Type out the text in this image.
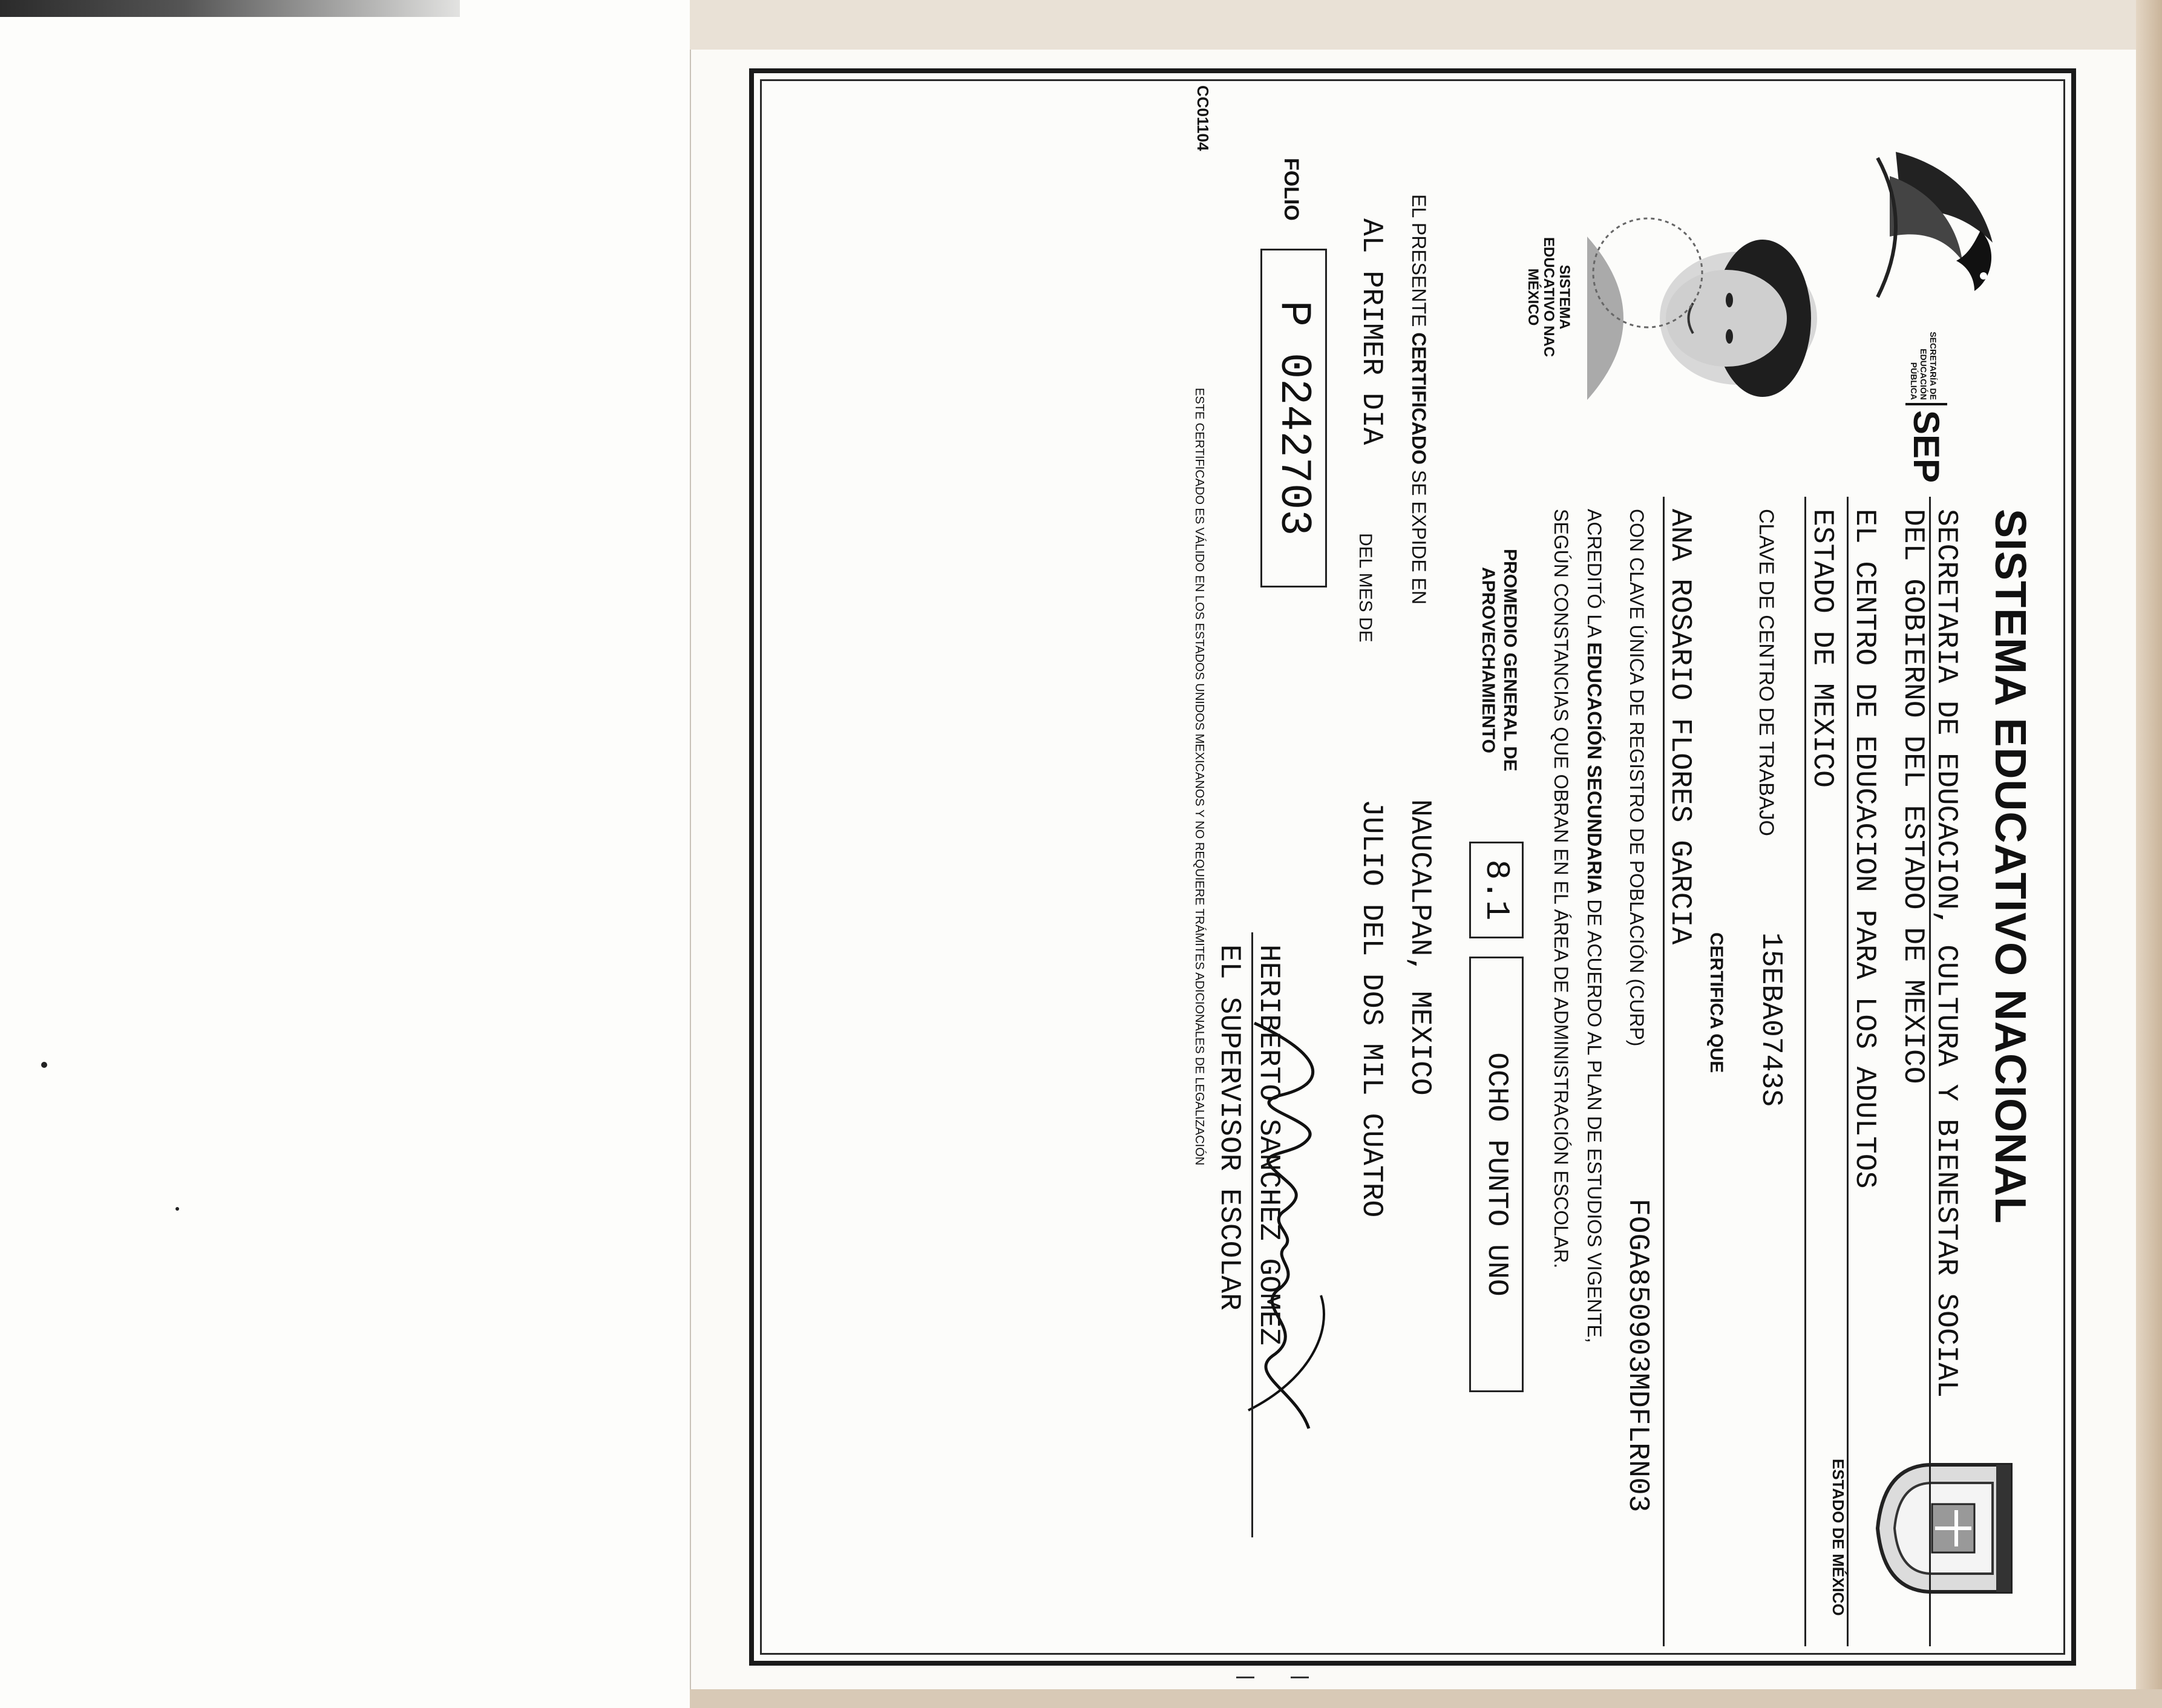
SECRETARÍA DE
EDUCACIÓN
PÚBLICA
SEP
SISTEMA EDUCATIVO NACIONAL
ESTADO DE MÉXICO
SECRETARIA DE EDUCACION, CULTURA Y BIENESTAR SOCIAL
DEL GOBIERNO DEL ESTADO DE MEXICO
EL CENTRO DE EDUCACION PARA LOS ADULTOS
ESTADO DE MEXICO
CLAVE DE CENTRO DE TRABAJO
15EBA0743S
CERTIFICA QUE
ANA ROSARIO FLORES GARCIA
CON CLAVE ÚNICA DE REGISTRO DE POBLACIÓN (CURP)
FOGA850903MDFLRN03
ACREDITÓ LA EDUCACIÓN SECUNDARIA DE ACUERDO AL PLAN DE ESTUDIOS VIGENTE,
SEGÚN CONSTANCIAS QUE OBRAN EN EL ÁREA DE ADMINISTRACIÓN ESCOLAR.
SISTEMA
EDUCATIVO NAC
MÉXICO
PROMEDIO GENERAL DE
APROVECHAMIENTO
8.1
OCHO PUNTO UNO
EL PRESENTE CERTIFICADO SE EXPIDE EN
NAUCALPAN, MEXICO
AL PRIMER DIA
DEL MES DE
JULIO DEL DOS MIL CUATRO
FOLIO
P 0242703
HERIBERTO SANCHEZ GOMEZ
EL SUPERVISOR ESCOLAR
ESTE CERTIFICADO ES VÁLIDO EN LOS ESTADOS UNIDOS MEXICANOS Y NO REQUIERE TRÁMITES ADICIONALES DE LEGALIZACIÓN
CC01104
